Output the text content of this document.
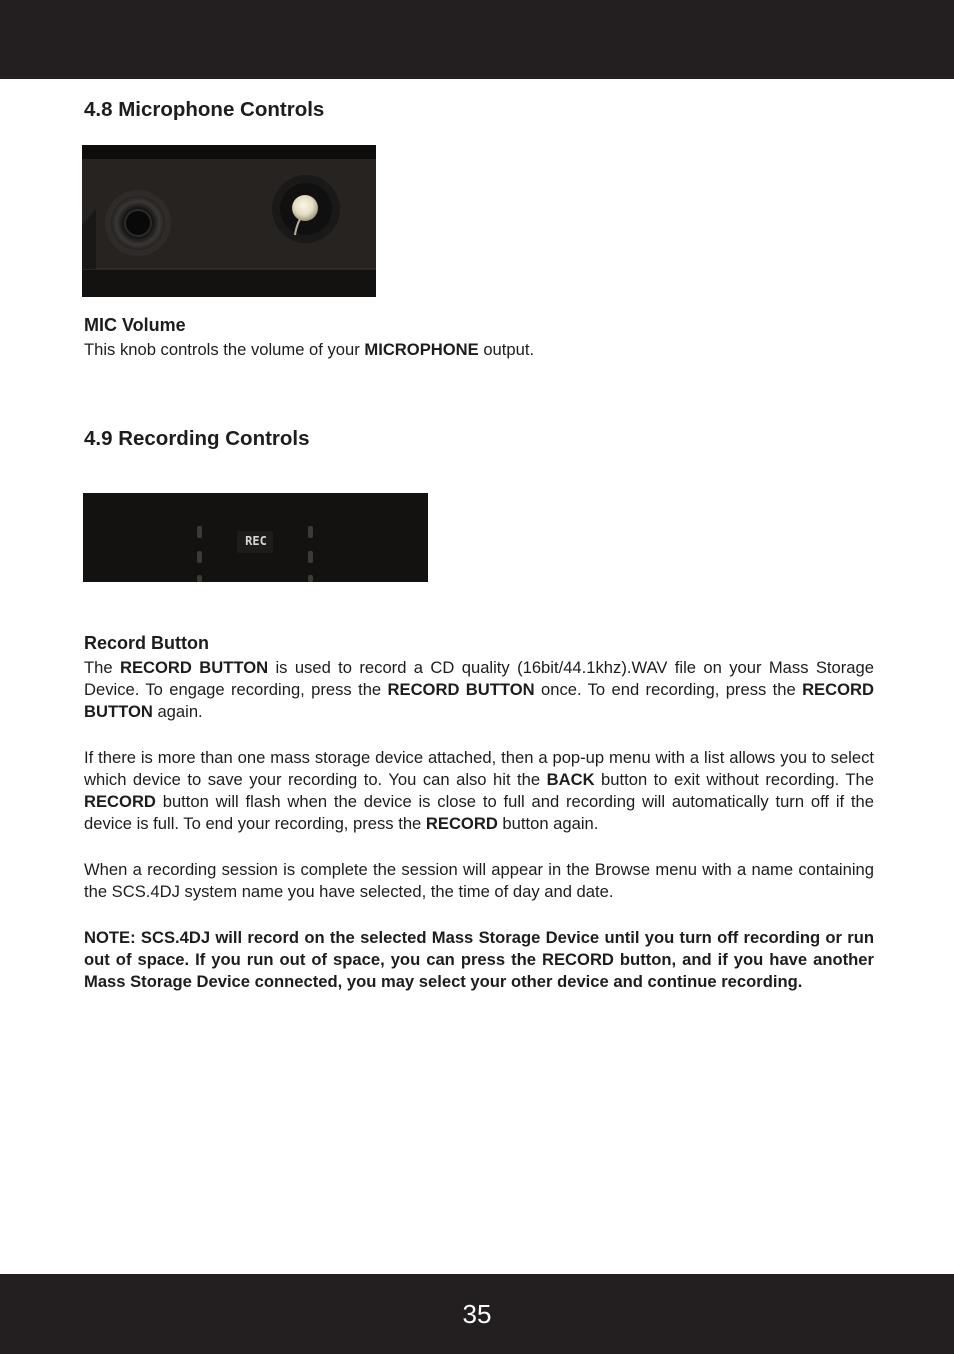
4.8 Microphone Controls
MIC Volume

This knob controls the volume of your MICROPHONE output.

4.9 Recording Controls
REC
Record Button

The RECORD BUTTON is used to record a CD quality (16bit/44.1khz).WAV file on your Mass Storage Device. To engage recording, press the RECORD BUTTON once. To end recording, press the RECORD BUTTON again.

If there is more than one mass storage device attached, then a pop-up menu with a list allows you to select which device to save your recording to. You can also hit the BACK button to exit without recording. The RECORD button will flash when the device is close to full and recording will automatically turn off if the device is full. To end your recording, press the RECORD button again.

When a recording session is complete the session will appear in the Browse menu with a name containing the SCS.4DJ system name you have selected, the time of day and date.

NOTE: SCS.4DJ will record on the selected Mass Storage Device until you turn off recording or run out of space. If you run out of space, you can press the RECORD button, and if you have another Mass Storage Device connected, you may select your other device and continue recording.

35
